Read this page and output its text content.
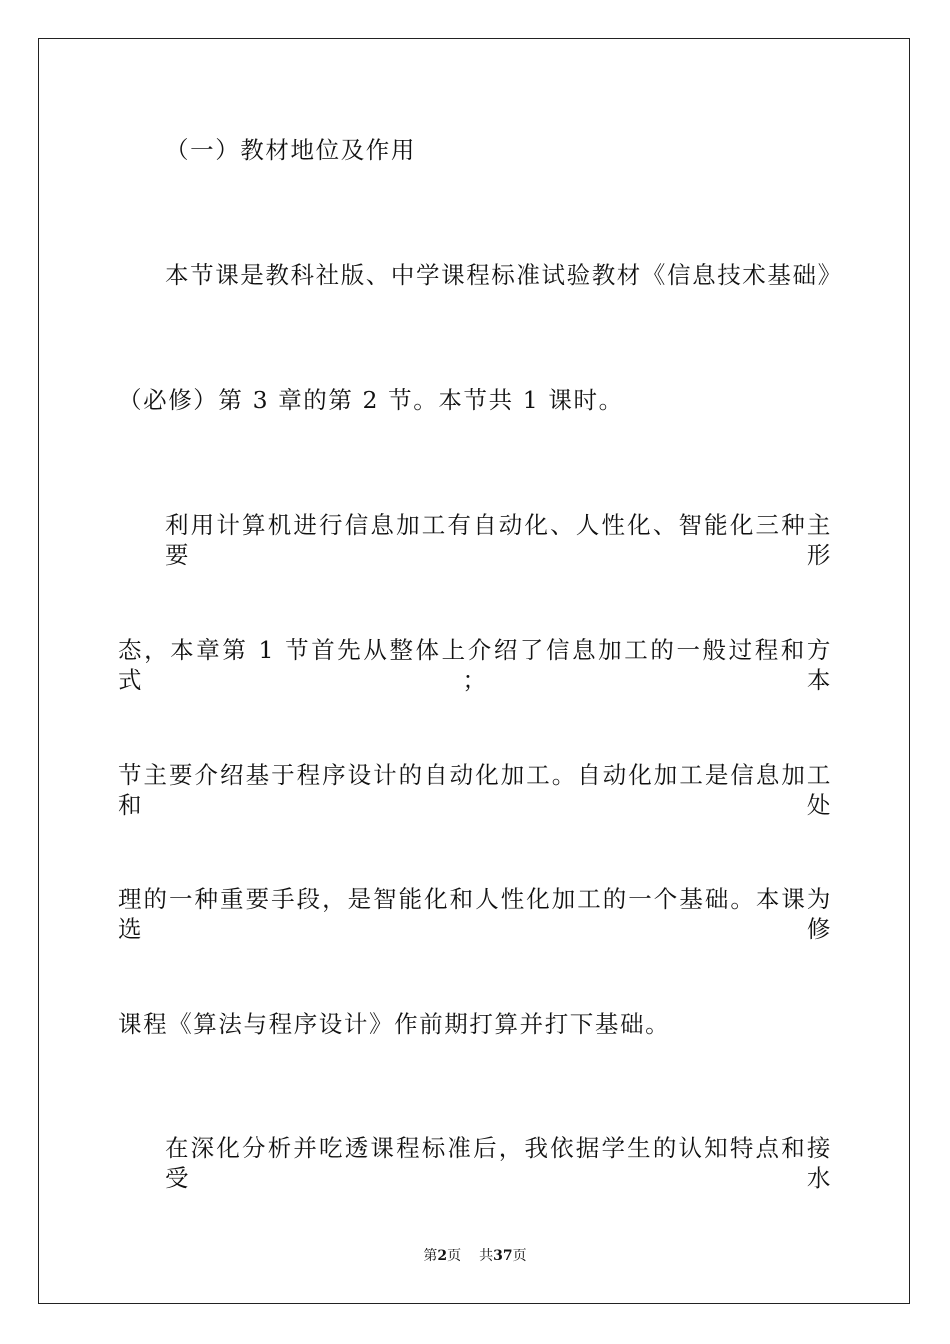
（一）教材地位及作用
本节课是教科社版、中学课程标准试验教材《信息技术基础》
（必修）第 3 章的第 2 节。本节共 1 课时。
利用计算机进行信息加工有自动化、人性化、智能化三种主要形
态，本章第 1 节首先从整体上介绍了信息加工的一般过程和方式；本
节主要介绍基于程序设计的自动化加工。自动化加工是信息加工和处
理的一种重要手段，是智能化和人性化加工的一个基础。本课为选修
课程《算法与程序设计》作前期打算并打下基础。
在深化分析并吃透课程标准后，我依据学生的认知特点和接受水
第2页 共37页
